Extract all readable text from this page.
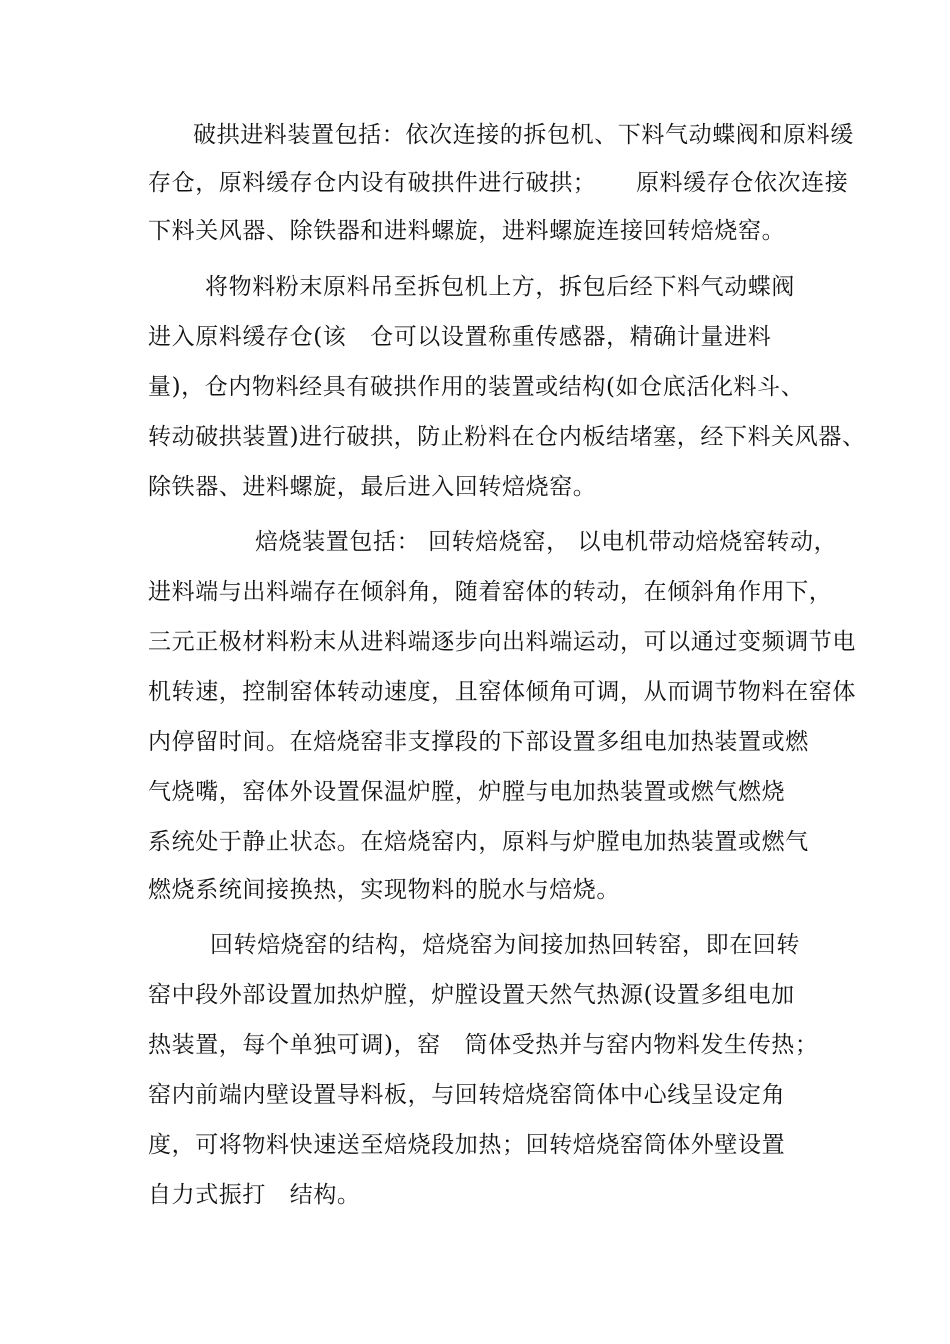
破拱进料装置包括：依次连接的拆包机、下料气动蝶阀和原料缓
存仓，原料缓存仓内设有破拱件进行破拱；     原料缓存仓依次连接
下料关风器、除铁器和进料螺旋，进料螺旋连接回转焙烧窑。
将物料粉末原料吊至拆包机上方，拆包后经下料气动蝶阀
进入原料缓存仓(该   仓可以设置称重传感器，精确计量进料
量)，仓内物料经具有破拱作用的装置或结构(如仓底活化料斗、
转动破拱装置)进行破拱，防止粉料在仓内板结堵塞，经下料关风器、
除铁器、进料螺旋，最后进入回转焙烧窑。
焙烧装置包括： 回转焙烧窑， 以电机带动焙烧窑转动，
进料端与出料端存在倾斜角，随着窑体的转动，在倾斜角作用下，
三元正极材料粉末从进料端逐步向出料端运动，可以通过变频调节电
机转速，控制窑体转动速度，且窑体倾角可调，从而调节物料在窑体
内停留时间。在焙烧窑非支撑段的下部设置多组电加热装置或燃
气烧嘴，窑体外设置保温炉膛，炉膛与电加热装置或燃气燃烧
系统处于静止状态。在焙烧窑内，原料与炉膛电加热装置或燃气
燃烧系统间接换热，实现物料的脱水与焙烧。
回转焙烧窑的结构，焙烧窑为间接加热回转窑，即在回转
窑中段外部设置加热炉膛，炉膛设置天然气热源(设置多组电加
热装置，每个单独可调)，窑   筒体受热并与窑内物料发生传热；
窑内前端内壁设置导料板，与回转焙烧窑筒体中心线呈设定角
度，可将物料快速送至焙烧段加热；回转焙烧窑筒体外壁设置
自力式振打   结构。
